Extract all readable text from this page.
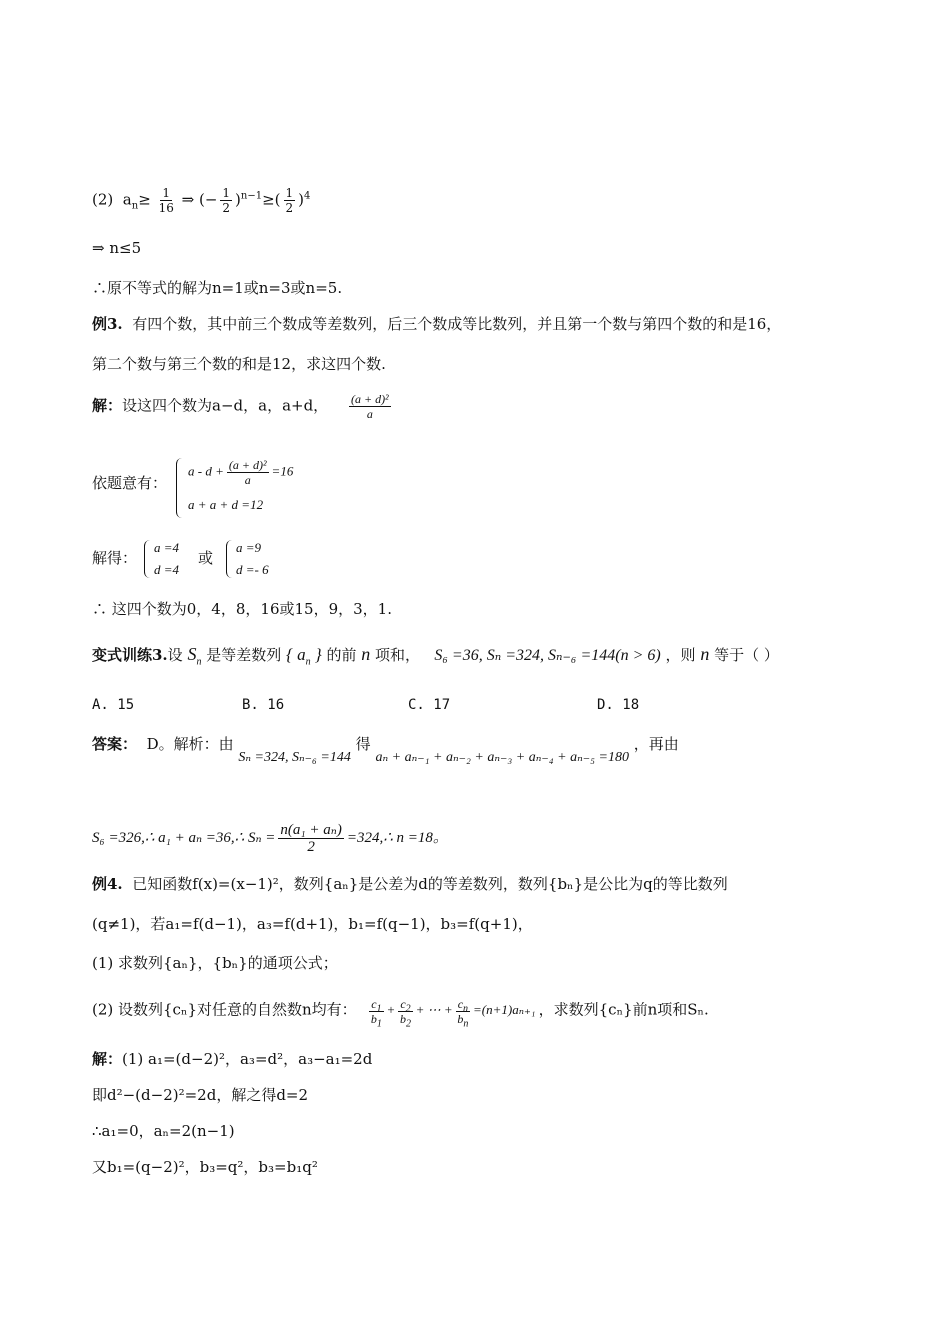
(2) $a_n\ge \frac{1}{16}$ ⇒ (− $\frac{1}{2} )^{n-1}\ge( \frac{1}{2} )^4$
⇒ n≤5
∴原不等式的解为n=1或n=3或n=5.
例3. 有四个数，其中前三个数成等差数列，后三个数成等比数列，并且第一个数与第四个数的和是16，
第二个数与第三个数的和是12，求这四个数.
解：设这四个数为a−d，a，a+d， $\frac{\text{(a + d)²}}{a}$
依题意有：
$a - d + \frac{\text{(a + d)²}}{a} =16$
a + a + d =12
解得：
a =4
d =4
或
a =9
d =- 6
∴ 这四个数为0，4，8，16或15，9，3，1.
变式训练3.设 $S_n$ 是等差数列 { $a_n$ } 的前 n 项和， S₆ =36, Sₙ =324, Sₙ₋₆ =144(n > 6) ，则 n 等于（ ）
A. 15	B. 16	C. 17	D. 18
答案： D。解析：由 Sₙ =324, Sₙ₋₆ =144 得 aₙ + aₙ₋₁ + aₙ₋₂ + aₙ₋₃ + aₙ₋₄ + aₙ₋₅ =180 ，再由
S₆ =326,∴ a₁ + aₙ =36,∴ $S_n = \frac{\text{n(a₁ + aₙ)}}{2}$ =324,∴ n =18。
例4. 已知函数f(x)=(x−1)²，数列{aₙ}是公差为d的等差数列，数列{bₙ}是公比为q的等比数列
(q≠1)，若a₁=f(d−1)，a₃=f(d+1)，b₁=f(q−1)，b₃=f(q+1)，
(1) 求数列{aₙ}，{bₙ}的通项公式；
(2) 设数列{cₙ}对任意的自然数n均有： $\frac{c_1}{b_1} + \frac{c_2}{b_2}$ + ⋯ + $\frac{c_n}{b_n} =(n+1)a_{n+1}$ ，求数列{cₙ}前n项和Sₙ.
解：(1) a₁=(d−2)²，a₃=d²，a₃−a₁=2d
即d²−(d−2)²=2d，解之得d=2
∴a₁=0，aₙ=2(n−1)
又b₁=(q−2)²，b₃=q²，b₃=b₁q²
